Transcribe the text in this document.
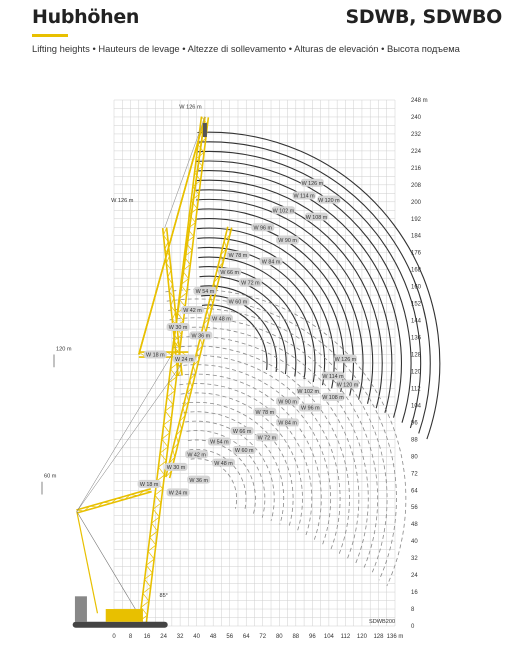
Hubhöhen	SDWB, SDWBO
Lifting heights • Hauteurs de levage • Altezze di sollevamento • Alturas de elevación • Высота подъема
W 126 m
W 120 m
W 114 m
W 108 m
W 102 m
W 96 m
W 90 m
W 84 m
W 78 m
W 72 m
W 66 m
W 60 m
W 54 m
W 48 m
W 42 m
W 36 m
W 30 m
W 24 m
W 18 m
W 126 m
W 120 m
W 114 m
W 108 m
W 102 m
W 96 m
W 90 m
W 84 m
W 78 m
W 72 m
W 66 m
W 60 m
W 54 m
W 48 m
W 42 m
W 36 m
W 30 m
W 24 m
W 18 m
0 8 16 24 32 40 48 56 64 72 80 88 96 104 112 120 128 136 m
0
8
16
24
32
40
48
56
64
72
80
88
96
104
112
120
128
136
144
152
160
168
176
184
192
200
208
216
224
232
240
248 m
W 126 m
W 126 m
120 m
60 m
85°
SDWB200
